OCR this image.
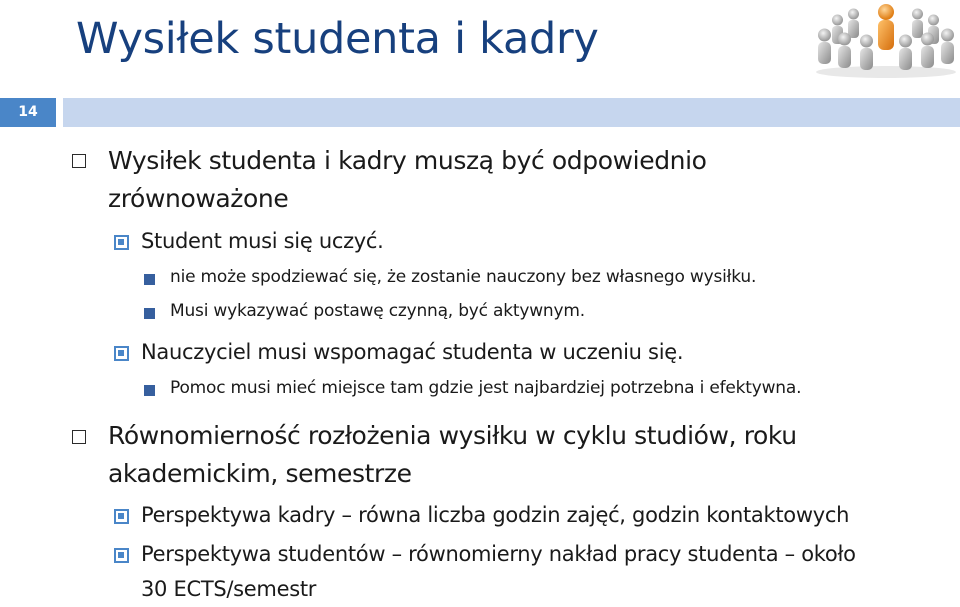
Wysiłek studenta i kadry
14
Wysiłek studenta i kadry muszą być odpowiednio
zrównoważone
Student musi się uczyć.
nie może spodziewać się, że zostanie nauczony bez własnego wysiłku.
Musi wykazywać postawę czynną, być aktywnym.
Nauczyciel musi wspomagać studenta w uczeniu się.
Pomoc musi mieć miejsce tam gdzie jest najbardziej potrzebna i efektywna.
Równomierność rozłożenia wysiłku w cyklu studiów, roku
akademickim, semestrze
Perspektywa kadry – równa liczba godzin zajęć, godzin kontaktowych
Perspektywa studentów – równomierny nakład pracy studenta – około
30 ECTS/semestr
